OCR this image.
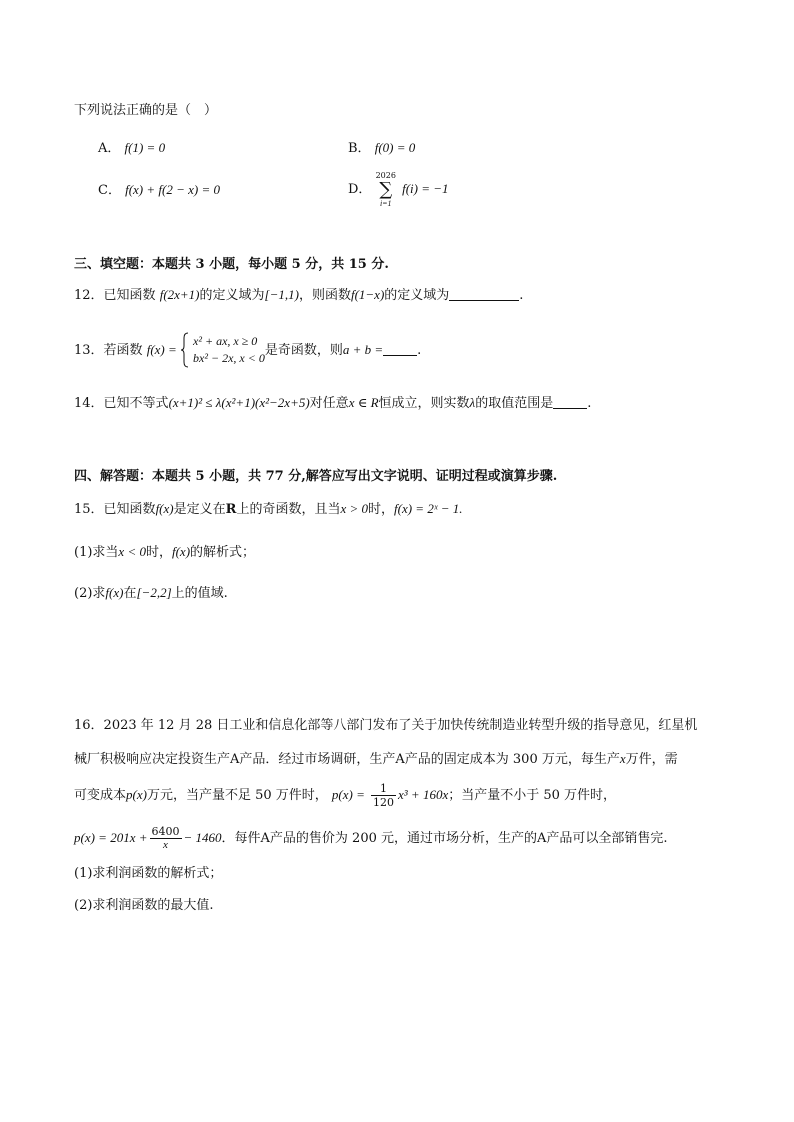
下列说法正确的是（　）
A． f(1) = 0	B． f(0) = 0
C． f(x) + f(2 − x) = 0	D．
2026
∑
i=1
f(i) = −1
三、填空题：本题共 3 小题，每小题 5 分，共 15 分.
12．已知函数 f(2x+1)的定义域为[−1,1)，则函数f(1−x)的定义域为	.
13．若函数 f(x) =
x² + ax, x ≥ 0
bx² − 2x, x < 0
是奇函数，则a + b =	.
14．已知不等式(x+1)² ≤ λ(x²+1)(x²−2x+5)对任意x ∈ R恒成立，则实数λ的取值范围是	.
四、解答题：本题共 5 小题，共 77 分,解答应写出文字说明、证明过程或演算步骤.
15．已知函数f(x)是定义在R上的奇函数，且当x > 0时，f(x) = 2ˣ − 1.
(1)求当x < 0时，f(x)的解析式；
(2)求f(x)在[−2,2]上的值域.
16．2023 年 12 月 28 日工业和信息化部等八部门发布了关于加快传统制造业转型升级的指导意见，红星机
械厂积极响应决定投资生产A产品．经过市场调研，生产A产品的固定成本为 300 万元，每生产x万件，需
可变成本p(x)万元，当产量不足 50 万件时， $p(x) = \frac{1}{120} x^3 + 160x$；当产量不小于 50 万件时，
$p(x) = 201x + \frac{6400}{x} - 1460$．每件A产品的售价为 200 元，通过市场分析，生产的A产品可以全部销售完.
(1)求利润函数的解析式；
(2)求利润函数的最大值.
